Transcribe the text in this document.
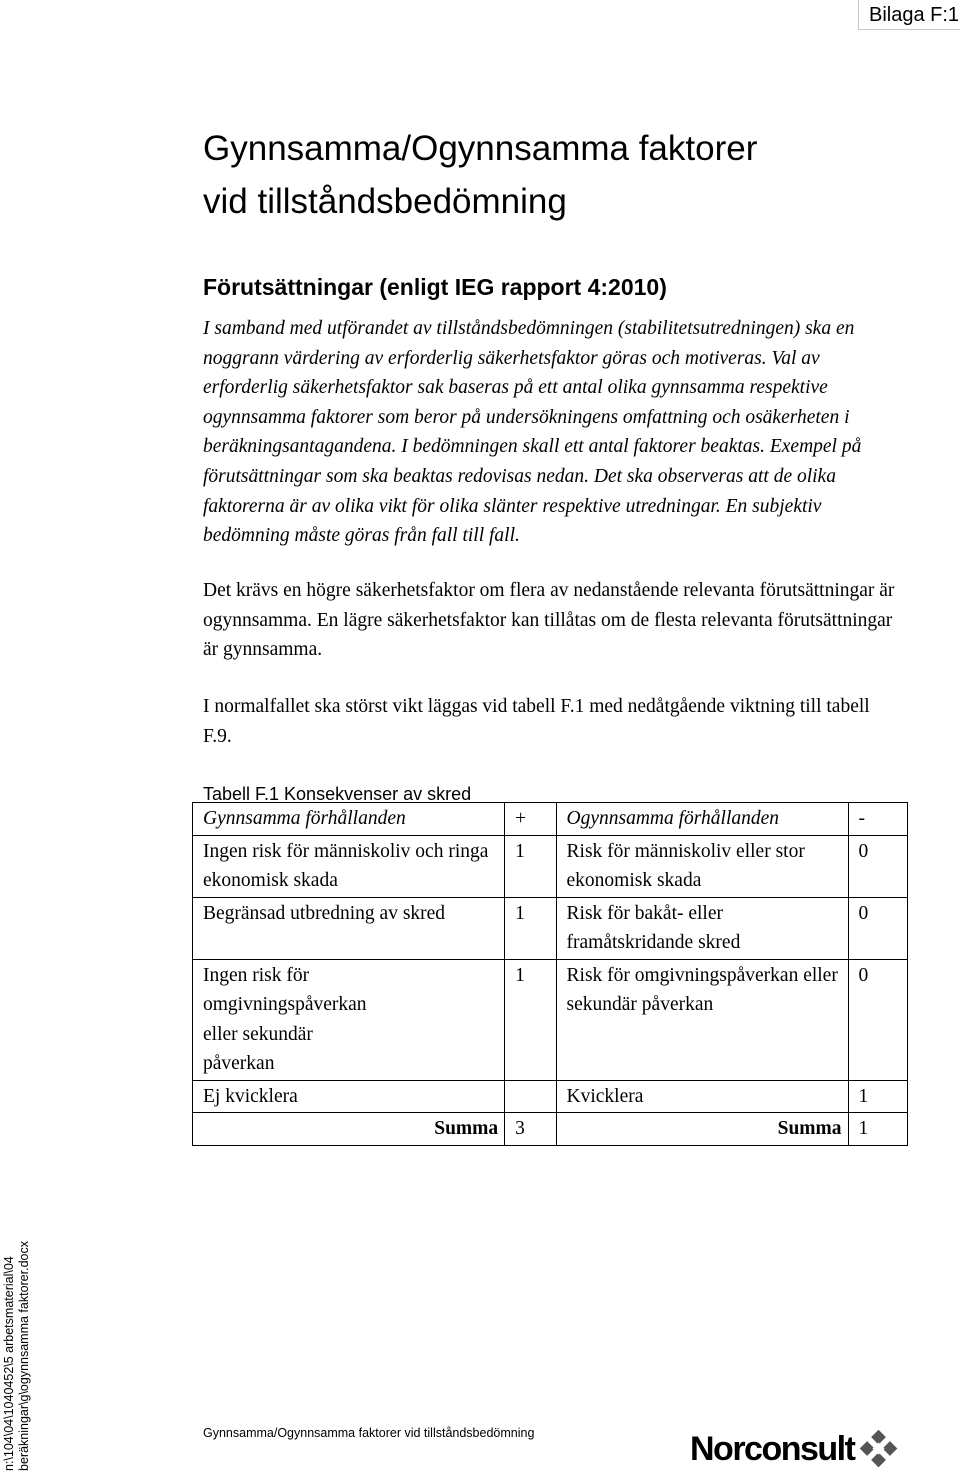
Bilaga F:1
Gynnsamma/Ogynnsamma faktorer
vid tillståndsbedömning
Förutsättningar (enligt IEG rapport 4:2010)

I samband med utförandet av tillståndsbedömningen (stabilitetsutredningen) ska en noggrann värdering av erforderlig säkerhetsfaktor göras och motiveras. Val av erforderlig säkerhetsfaktor sak baseras på ett antal olika gynnsamma respektive ogynnsamma faktorer som beror på undersökningens omfattning och osäkerheten i beräkningsantagandena. I bedömningen skall ett antal faktorer beaktas. Exempel på förutsättningar som ska beaktas redovisas nedan. Det ska observeras att de olika faktorerna är av olika vikt för olika slänter respektive utredningar. En subjektiv bedömning måste göras från fall till fall.

Det krävs en högre säkerhetsfaktor om flera av nedanstående relevanta förutsättningar är ogynnsamma. En lägre säkerhetsfaktor kan tillåtas om de flesta relevanta förutsättningar är gynnsamma.

I normalfallet ska störst vikt läggas vid tabell F.1 med nedåtgående viktning till tabell F.9.

Tabell F.1 Konsekvenser av skred
Gynnsamma förhållanden	+	Ogynnsamma förhållanden	-
Ingen risk för människoliv och ringa ekonomisk skada	1	Risk för människoliv eller stor ekonomisk skada	0
Begränsad utbredning av skred	1	Risk för bakåt- eller framåtskridande skred	0
Ingen risk för omgivningspåverkan eller sekundär påverkan	1	Risk för omgivningspåverkan eller sekundär påverkan	0
Ej kvicklera		Kvicklera	1
Summa	3	Summa	1
n:\104\04\1040452\5 arbetsmaterial\04 beräkningar\g\ogynnsamma faktorer.docx	Gynnsamma/Ogynnsamma faktorer vid tillståndsbedömning	Norconsult
